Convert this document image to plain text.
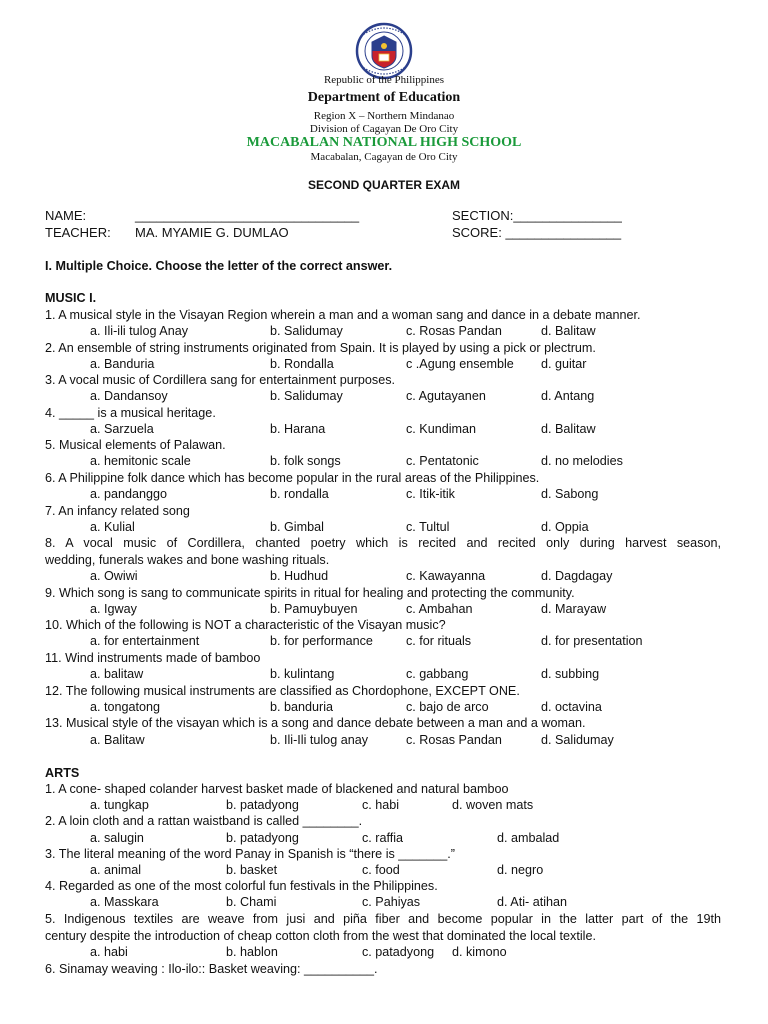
Republic of the Philippines
Department of Education
Region X – Northern Mindanao
Division of Cagayan De Oro City
MACABALAN NATIONAL HIGH SCHOOL
Macabalan, Cagayan de Oro City
SECOND QUARTER EXAM
NAME:	_______________________________	SECTION:_______________
TEACHER: MA. MYAMIE G. DUMLAO	SCORE: ________________
I. Multiple Choice. Choose the letter of the correct answer.
MUSIC I.
1. A musical style in the Visayan Region wherein a man and a woman sang and dance in a debate manner.
a. Ili-ili tulog Anay	b. Salidumay	c. Rosas Pandan	d. Balitaw
2. An ensemble of string instruments originated from Spain. It is played by using a pick or plectrum.
a. Banduria	b. Rondalla	c .Agung ensemble d. guitar
3. A vocal music of Cordillera sang for entertainment purposes.
a. Dandansoy	b. Salidumay	c. Agutayanen	d. Antang
4. _____ is a musical heritage.
a. Sarzuela	b. Harana	c. Kundiman	d. Balitaw
5. Musical elements of Palawan.
a. hemitonic scale	b. folk songs	c. Pentatonic	d. no melodies
6. A Philippine folk dance which has become popular in the rural areas of the Philippines.
a. pandanggo	b. rondalla	c. Itik-itik	d. Sabong
7. An infancy related song
a. Kulial	b. Gimbal	c. Tultul	d. Oppia
8. A vocal music of Cordillera, chanted poetry which is recited and recited only during harvest season,
wedding, funerals wakes and bone washing rituals.
a. Owiwi	b. Hudhud	c. Kawayanna	d. Dagdagay
9. Which song is sang to communicate spirits in ritual for healing and protecting the community.
a. Igway	b. Pamuybuyen	c. Ambahan	d. Marayaw
10. Which of the following is NOT a characteristic of the Visayan music?
a. for entertainment	b. for performance	c. for rituals	d. for presentation
11. Wind instruments made of bamboo
a. balitaw	b. kulintang	c. gabbang	d. subbing
12. The following musical instruments are classified as Chordophone, EXCEPT ONE.
a. tongatong	b. banduria	c. bajo de arco	d. octavina
13. Musical style of the visayan which is a song and dance debate between a man and a woman.
a. Balitaw	b. Ili-Ili tulog anay	c. Rosas Pandan	d. Salidumay
ARTS
1. A cone- shaped colander harvest basket made of blackened and natural bamboo
a. tungkap	b. patadyong	c. habi	d. woven mats
2. A loin cloth and a rattan waistband is called ________.
a. salugin	b. patadyong	c. raffia	d. ambalad
3. The literal meaning of the word Panay in Spanish is “there is _______.”
a. animal	b. basket	c. food	d. negro
4. Regarded as one of the most colorful fun festivals in the Philippines.
a. Masskara	b. Chami	c. Pahiyas	d. Ati- atihan
5. Indigenous textiles are weave from jusi and piña fiber and become popular in the latter part of the 19th
century despite the introduction of cheap cotton cloth from the west that dominated the local textile.
a. habi	b. hablon	c. patadyong d. kimono
6. Sinamay weaving : Ilo-ilo:: Basket weaving: __________.
